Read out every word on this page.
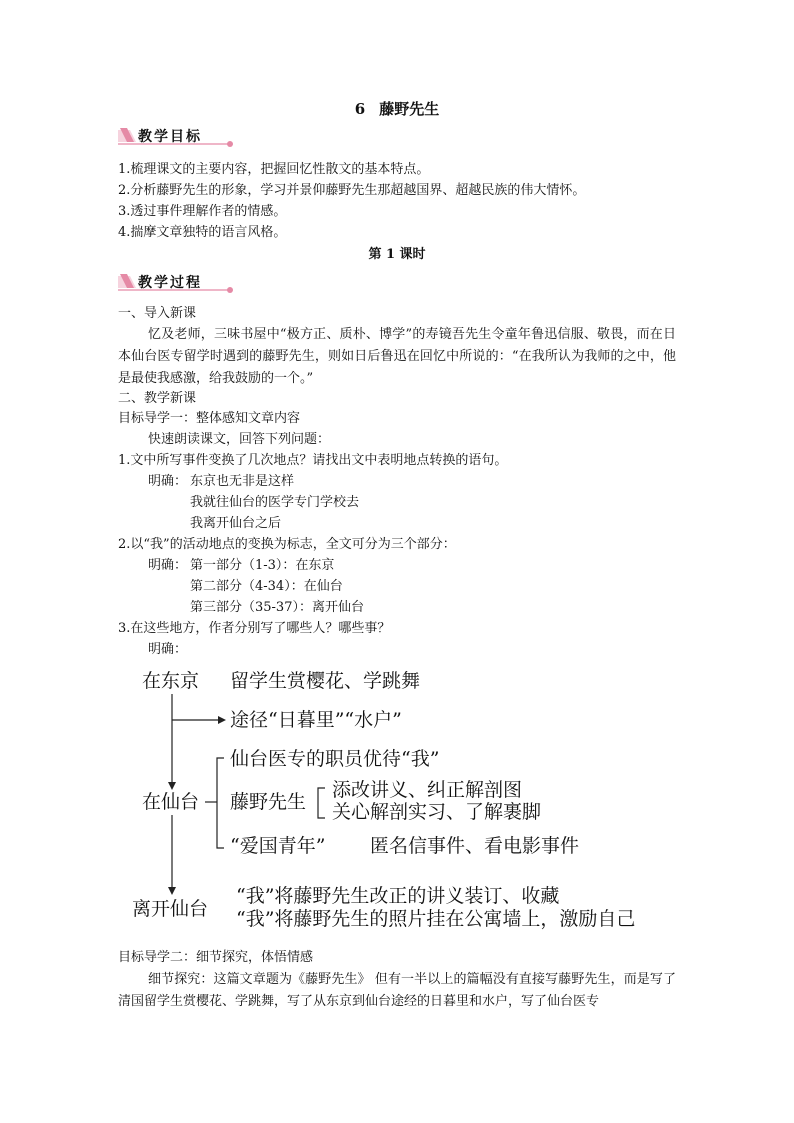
6 藤野先生
教学目标
1.梳理课文的主要内容，把握回忆性散文的基本特点。
2.分析藤野先生的形象，学习并景仰藤野先生那超越国界、超越民族的伟大情怀。
3.透过事件理解作者的情感。
4.揣摩文章独特的语言风格。
第 1 课时
教学过程
一、导入新课
忆及老师，三味书屋中“极方正、质朴、博学”的寿镜吾先生令童年鲁迅信服、敬畏，而在日本仙台医专留学时遇到的藤野先生，则如日后鲁迅在回忆中所说的：“在我所认为我师的之中，他是最使我感激，给我鼓励的一个。”
二、教学新课
目标导学一：整体感知文章内容
快速朗读课文，回答下列问题：
1.文中所写事件变换了几次地点？请找出文中表明地点转换的语句。
明确： 东京也无非是这样
我就往仙台的医学专门学校去
我离开仙台之后
2.以“我”的活动地点的变换为标志，全文可分为三个部分：
明确： 第一部分（1-3）：在东京
第二部分（4-34）：在仙台
第三部分（35-37）：离开仙台
3.在这些地方，作者分别写了哪些人？哪些事？
明确：
在东京 留学生赏樱花、学跳舞
途径“日暮里”“水户”
仙台医专的职员优待“我”
在仙台 藤野先生
添改讲义、纠正解剖图
关心解剖实习、了解裹脚
“爱国青年” 匿名信事件、看电影事件
离开仙台
“我”将藤野先生改正的讲义装订、收藏
“我”将藤野先生的照片挂在公寓墙上，激励自己
目标导学二：细节探究，体悟情感
细节探究：这篇文章题为《藤野先生》 但有一半以上的篇幅没有直接写藤野先生，而是写了清国留学生赏樱花、学跳舞，写了从东京到仙台途经的日暮里和水户，写了仙台医专
